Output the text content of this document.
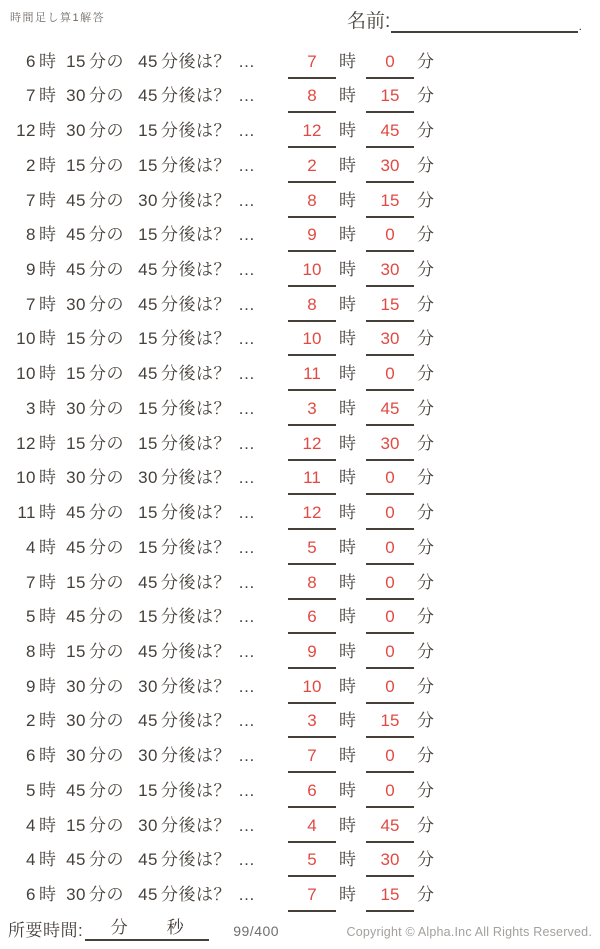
時間足し算1解答	名前:	.
6 時 15 分の 45 分後は？ …	7	時	0	分
7 時 30 分の 45 分後は？ …	8	時	15	分
12 時 30 分の 15 分後は？ …	12	時	45	分
2 時 15 分の 15 分後は？ …	2	時	30	分
7 時 45 分の 30 分後は？ …	8	時	15	分
8 時 45 分の 15 分後は？ …	9	時	0	分
9 時 45 分の 45 分後は？ …	10	時	30	分
7 時 30 分の 45 分後は？ …	8	時	15	分
10 時 15 分の 15 分後は？ …	10	時	30	分
10 時 15 分の 45 分後は？ …	11	時	0	分
3 時 30 分の 15 分後は？ …	3	時	45	分
12 時 15 分の 15 分後は？ …	12	時	30	分
10 時 30 分の 30 分後は？ …	11	時	0	分
11 時 45 分の 15 分後は？ …	12	時	0	分
4 時 45 分の 15 分後は？ …	5	時	0	分
7 時 15 分の 45 分後は？ …	8	時	0	分
5 時 45 分の 15 分後は？ …	6	時	0	分
8 時 15 分の 45 分後は？ …	9	時	0	分
9 時 30 分の 30 分後は？ …	10	時	0	分
2 時 30 分の 45 分後は？ …	3	時	15	分
6 時 30 分の 30 分後は？ …	7	時	0	分
5 時 45 分の 15 分後は？ …	6	時	0	分
4 時 15 分の 30 分後は？ …	4	時	45	分
4 時 45 分の 45 分後は？ …	5	時	30	分
6 時 30 分の 45 分後は？ …	7	時	15	分
所要時間: 分 秒	99/400	Copyright © Alpha.Inc All Rights Reserved.
